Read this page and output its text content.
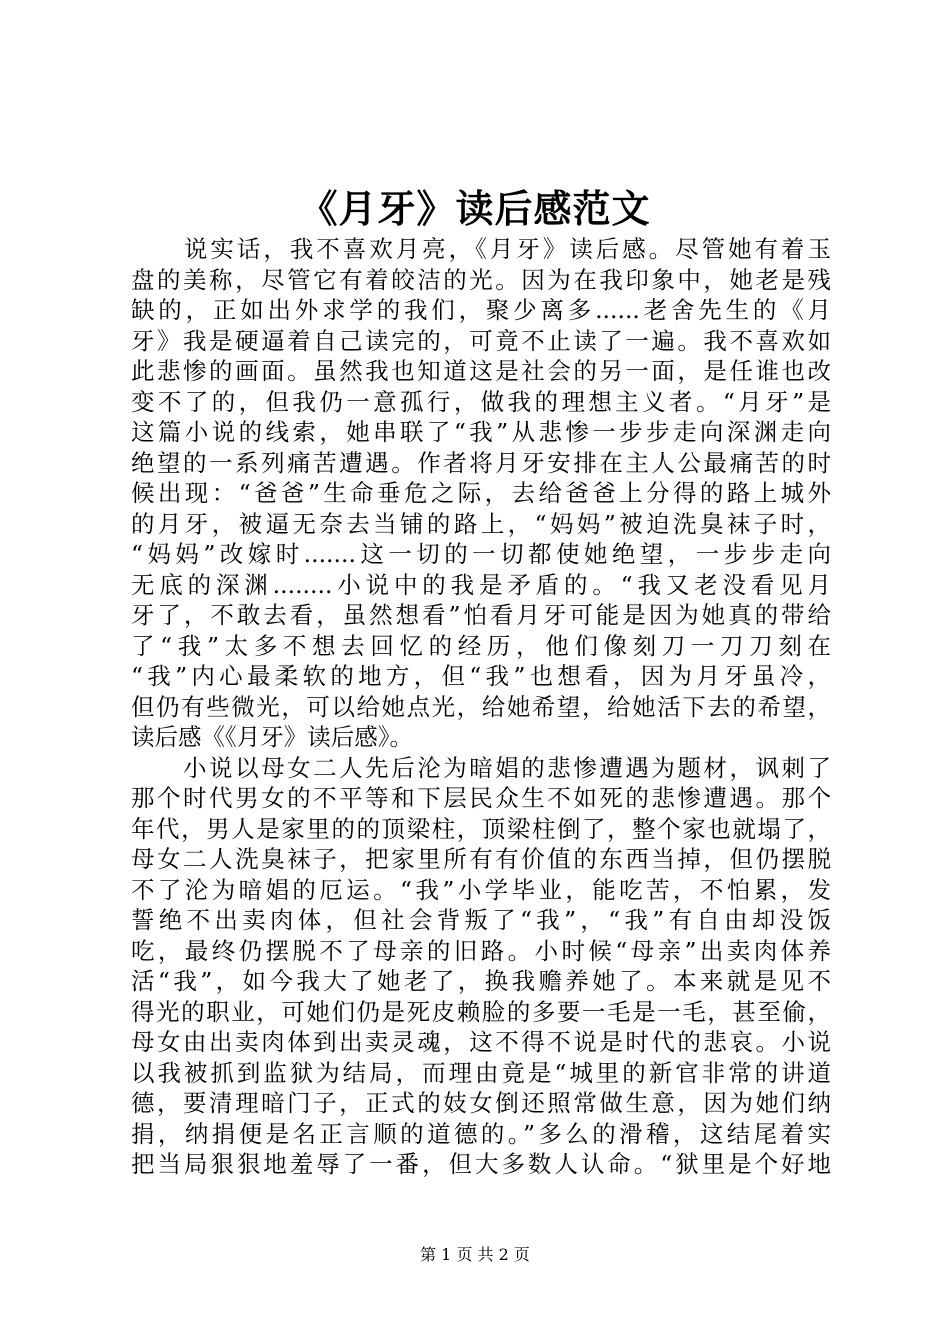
《月牙》读后感范文
　　说实话，我不喜欢月亮，《月牙》读后感。尽管她有着玉
盘的美称，尽管它有着皎洁的光。因为在我印象中，她老是残
缺的，正如出外求学的我们，聚少离多......老舍先生的《月
牙》我是硬逼着自己读完的，可竟不止读了一遍。我不喜欢如
此悲惨的画面。虽然我也知道这是社会的另一面，是任谁也改
变不了的，但我仍一意孤行，做我的理想主义者。“月牙”是
这篇小说的线索，她串联了“我”从悲惨一步步走向深渊走向
绝望的一系列痛苦遭遇。作者将月牙安排在主人公最痛苦的时
候出现：“爸爸”生命垂危之际，去给爸爸上分得的路上城外
的月牙，被逼无奈去当铺的路上，“妈妈”被迫洗臭袜子时，
“妈妈”改嫁时.......这一切的一切都使她绝望，一步步走向
无底的深渊........小说中的我是矛盾的。“我又老没看见月
牙了，不敢去看，虽然想看”怕看月牙可能是因为她真的带给
了“我”太多不想去回忆的经历，他们像刻刀一刀刀刻在
“我”内心最柔软的地方，但“我”也想看，因为月牙虽冷，
但仍有些微光，可以给她点光，给她希望，给她活下去的希望，
读后感《《月牙》读后感》。
　　小说以母女二人先后沦为暗娼的悲惨遭遇为题材，讽刺了
那个时代男女的不平等和下层民众生不如死的悲惨遭遇。那个
年代，男人是家里的的顶梁柱，顶梁柱倒了，整个家也就塌了，
母女二人洗臭袜子，把家里所有有价值的东西当掉，但仍摆脱
不了沦为暗娼的厄运。“我”小学毕业，能吃苦，不怕累，发
誓绝不出卖肉体，但社会背叛了“我”，“我”有自由却没饭
吃，最终仍摆脱不了母亲的旧路。小时候“母亲”出卖肉体养
活“我”，如今我大了她老了，换我赡养她了。本来就是见不
得光的职业，可她们仍是死皮赖脸的多要一毛是一毛，甚至偷，
母女由出卖肉体到出卖灵魂，这不得不说是时代的悲哀。小说
以我被抓到监狱为结局，而理由竟是“城里的新官非常的讲道
德，要清理暗门子，正式的妓女倒还照常做生意，因为她们纳
捐，纳捐便是名正言顺的道德的。”多么的滑稽，这结尾着实
把当局狠狠地羞辱了一番，但大多数人认命。“狱里是个好地
第 1 页 共 2 页
